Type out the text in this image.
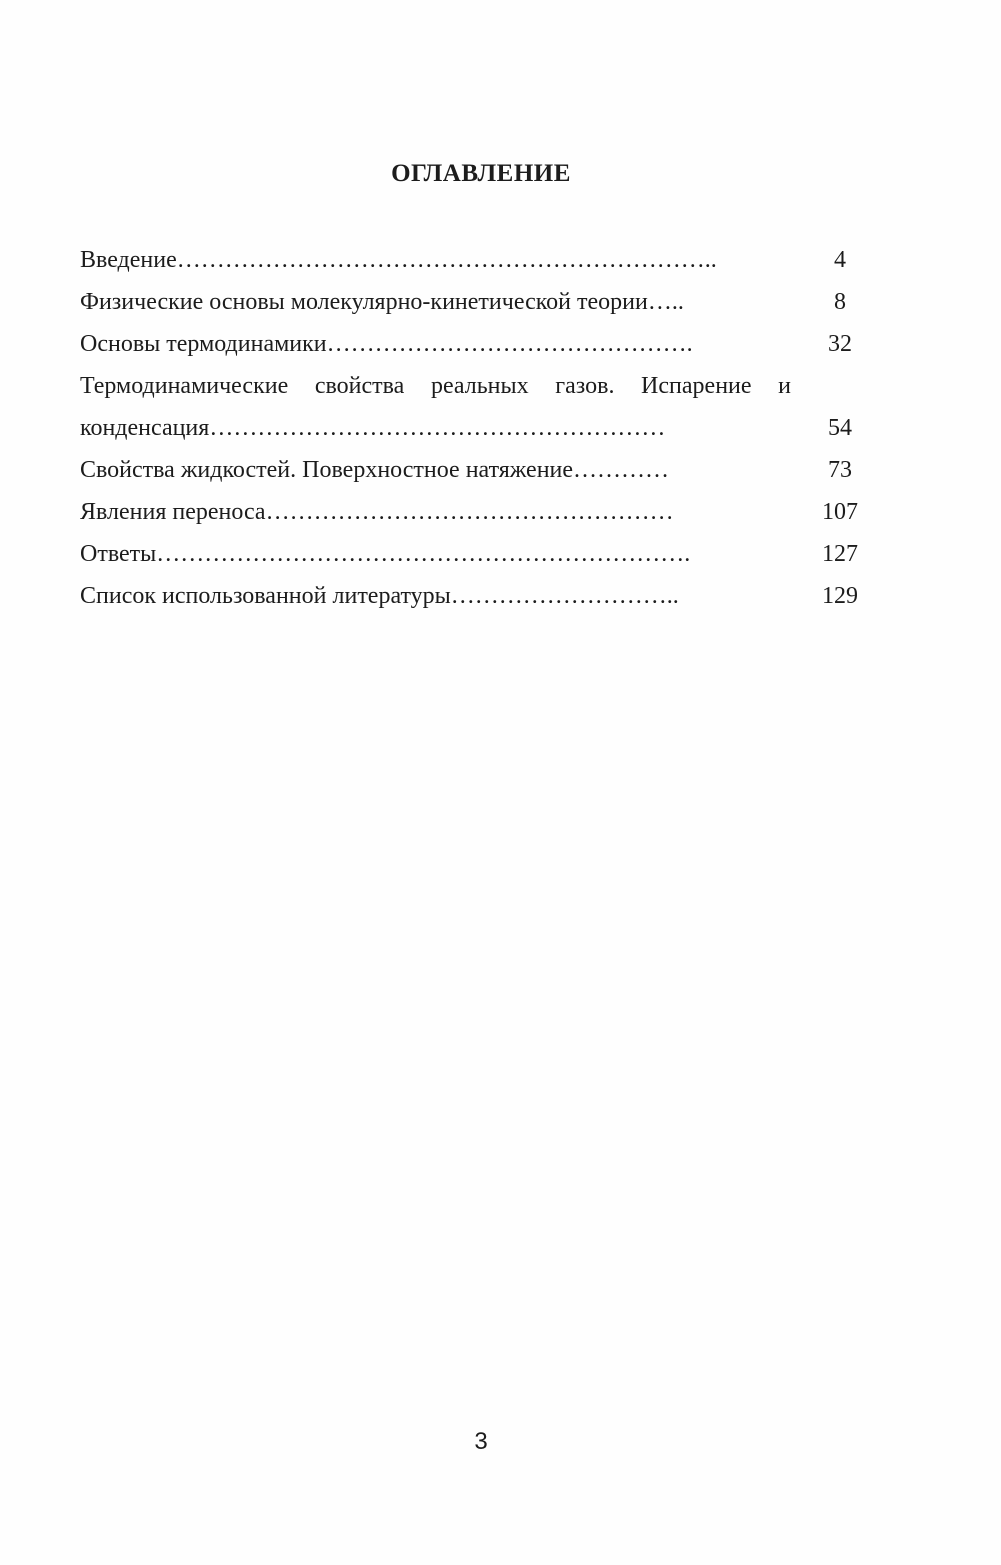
ОГЛАВЛЕНИЕ
Введение…………………………………………………………..	4
Физические основы молекулярно-кинетической теории…..	8
Основы термодинамики……………………………………….	32
Термодинамические свойства реальных газов. Испарение и
конденсация…………………………………………………	54
Свойства жидкостей. Поверхностное натяжение…………	73
Явления переноса……………………………………………	107
Ответы………………………………………………………….	127
Список использованной литературы………………………..	129
3
